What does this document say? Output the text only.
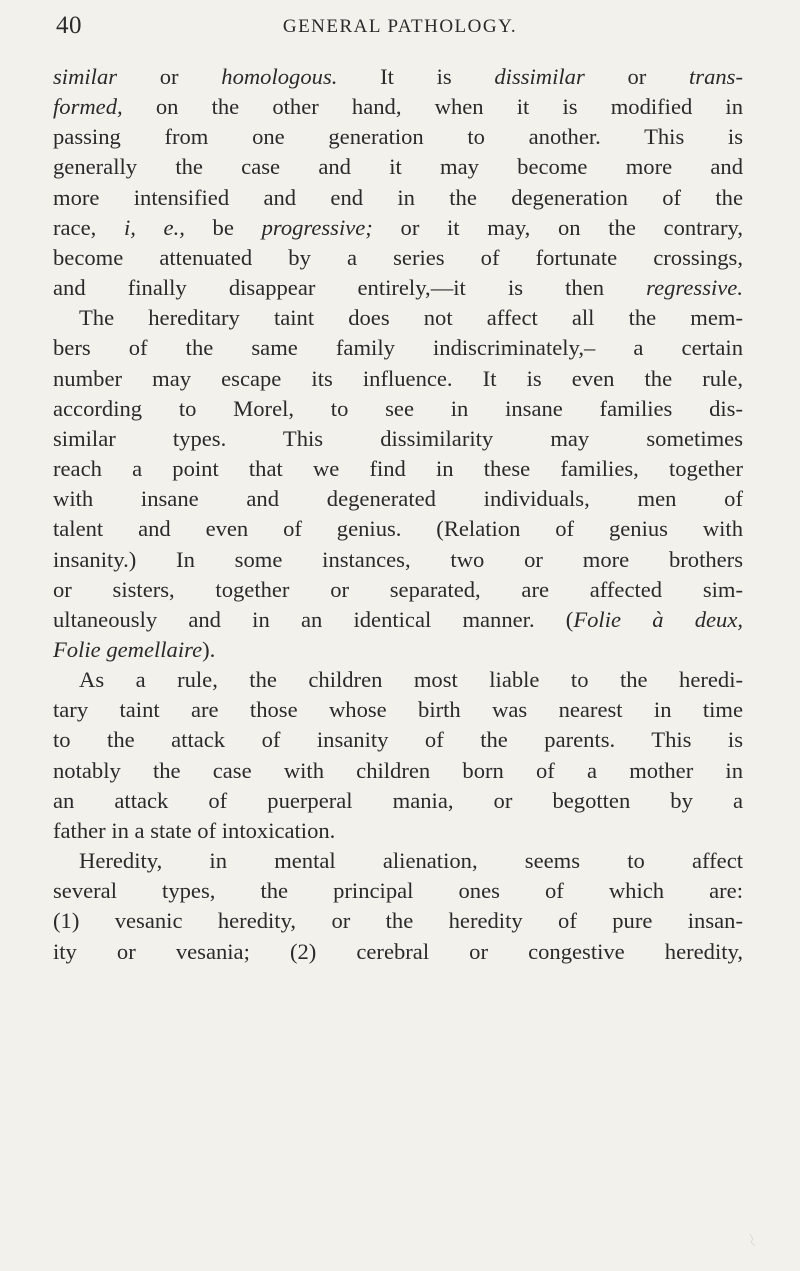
40	GENERAL PATHOLOGY.
similar or homologous. It is dissimilar or trans-
formed, on the other hand, when it is modified in
passing from one generation to another. This is
generally the case and it may become more and
more intensified and end in the degeneration of the
race, i, e., be progressive; or it may, on the contrary,
become attenuated by a series of fortunate crossings,
and finally disappear entirely,—it is then regressive.
The hereditary taint does not affect all the mem-
bers of the same family indiscriminately,– a certain
number may escape its influence. It is even the rule,
according to Morel, to see in insane families dis-
similar types. This dissimilarity may sometimes
reach a point that we find in these families, together
with insane and degenerated individuals, men of
talent and even of genius. (Relation of genius with
insanity.) In some instances, two or more brothers
or sisters, together or separated, are affected sim-
ultaneously and in an identical manner. (Folie à deux,
Folie gemellaire).
As a rule, the children most liable to the heredi-
tary taint are those whose birth was nearest in time
to the attack of insanity of the parents. This is
notably the case with children born of a mother in
an attack of puerperal mania, or begotten by a
father in a state of intoxication.
Heredity, in mental alienation, seems to affect
several types, the principal ones of which are:
(1) vesanic heredity, or the heredity of pure insan-
ity or vesania; (2) cerebral or congestive heredity,
